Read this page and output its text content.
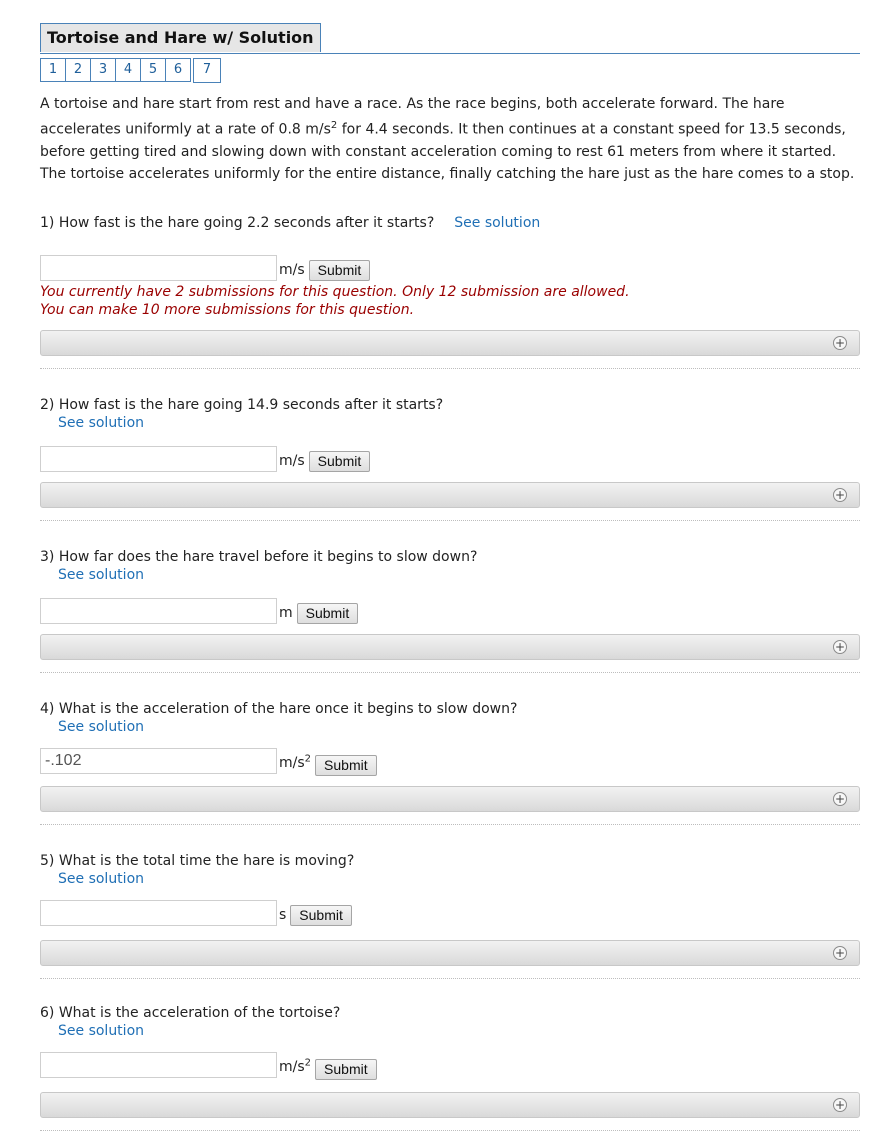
Tortoise and Hare w/ Solution
1	2	3	4	5	6	7
A tortoise and hare start from rest and have a race. As the race begins, both accelerate forward. The hare accelerates uniformly at a rate of 0.8 $m/s^2$ for 4.4 seconds. It then continues at a constant speed for 13.5 seconds, before getting tired and slowing down with constant acceleration coming to rest 61 meters from where it started. The tortoise accelerates uniformly for the entire distance, finally catching the hare just as the hare comes to a stop.
1) How fast is the hare going 2.2 seconds after it starts? See solution
m/s Submit
You currently have 2 submissions for this question. Only 12 submission are allowed.
You can make 10 more submissions for this question.
+
2) How fast is the hare going 14.9 seconds after it starts?
See solution
m/s Submit
+
3) How far does the hare travel before it begins to slow down?
See solution
m Submit
+
4) What is the acceleration of the hare once it begins to slow down?
See solution
-.102
$m/s^2$ Submit
+
5) What is the total time the hare is moving?
See solution
s Submit
+
6) What is the acceleration of the tortoise?
See solution
$m/s^2$ Submit
+
